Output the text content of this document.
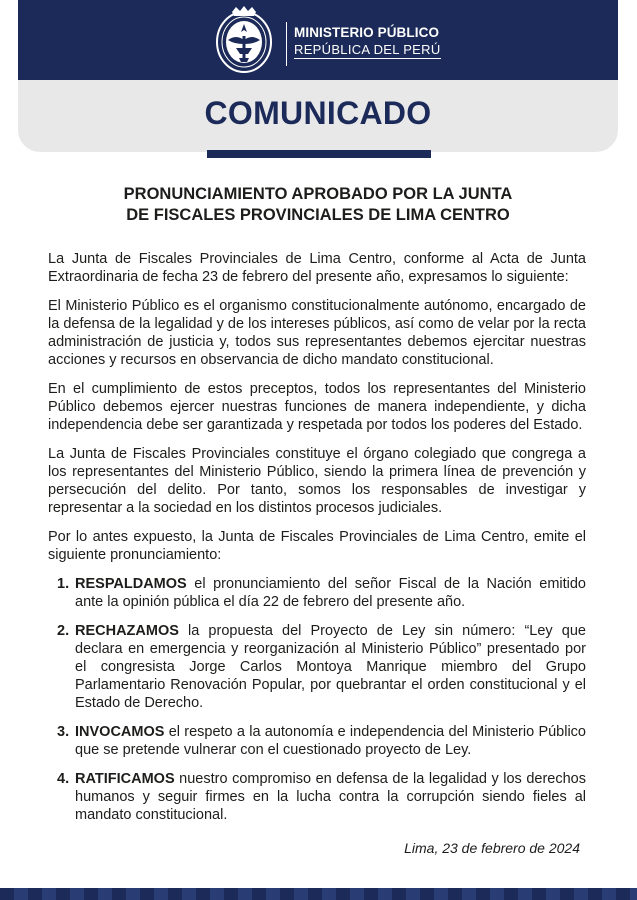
MINISTERIO PÚBLICO
REPÚBLICA DEL PERÚ
COMUNICADO
PRONUNCIAMIENTO APROBADO POR LA JUNTA
DE FISCALES PROVINCIALES DE LIMA CENTRO

La Junta de Fiscales Provinciales de Lima Centro, conforme al Acta de Junta Extraordinaria de fecha 23 de febrero del presente año, expresamos lo siguiente:

El Ministerio Público es el organismo constitucionalmente autónomo, encargado de la defensa de la legalidad y de los intereses públicos, así como de velar por la recta administración de justicia y, todos sus representantes debemos ejercitar nuestras acciones y recursos en observancia de dicho mandato constitucional.

En el cumplimiento de estos preceptos, todos los representantes del Ministerio Público debemos ejercer nuestras funciones de manera independiente, y dicha independencia debe ser garantizada y respetada por todos los poderes del Estado.

La Junta de Fiscales Provinciales constituye el órgano colegiado que congrega a los representantes del Ministerio Público, siendo la primera línea de prevención y persecución del delito. Por tanto, somos los responsables de investigar y representar a la sociedad en los distintos procesos judiciales.

Por lo antes expuesto, la Junta de Fiscales Provinciales de Lima Centro, emite el siguiente pronunciamiento:

1. RESPALDAMOS el pronunciamiento del señor Fiscal de la Nación emitido ante la opinión pública el día 22 de febrero del presente año.
2. RECHAZAMOS la propuesta del Proyecto de Ley sin número: “Ley que declara en emergencia y reorganización al Ministerio Público” presentado por el congresista Jorge Carlos Montoya Manrique miembro del Grupo Parlamentario Renovación Popular, por quebrantar el orden constitucional y el Estado de Derecho.
3. INVOCAMOS el respeto a la autonomía e independencia del Ministerio Público que se pretende vulnerar con el cuestionado proyecto de Ley.
4. RATIFICAMOS nuestro compromiso en defensa de la legalidad y los derechos humanos y seguir firmes en la lucha contra la corrupción siendo fieles al mandato constitucional.
Lima, 23 de febrero de 2024
